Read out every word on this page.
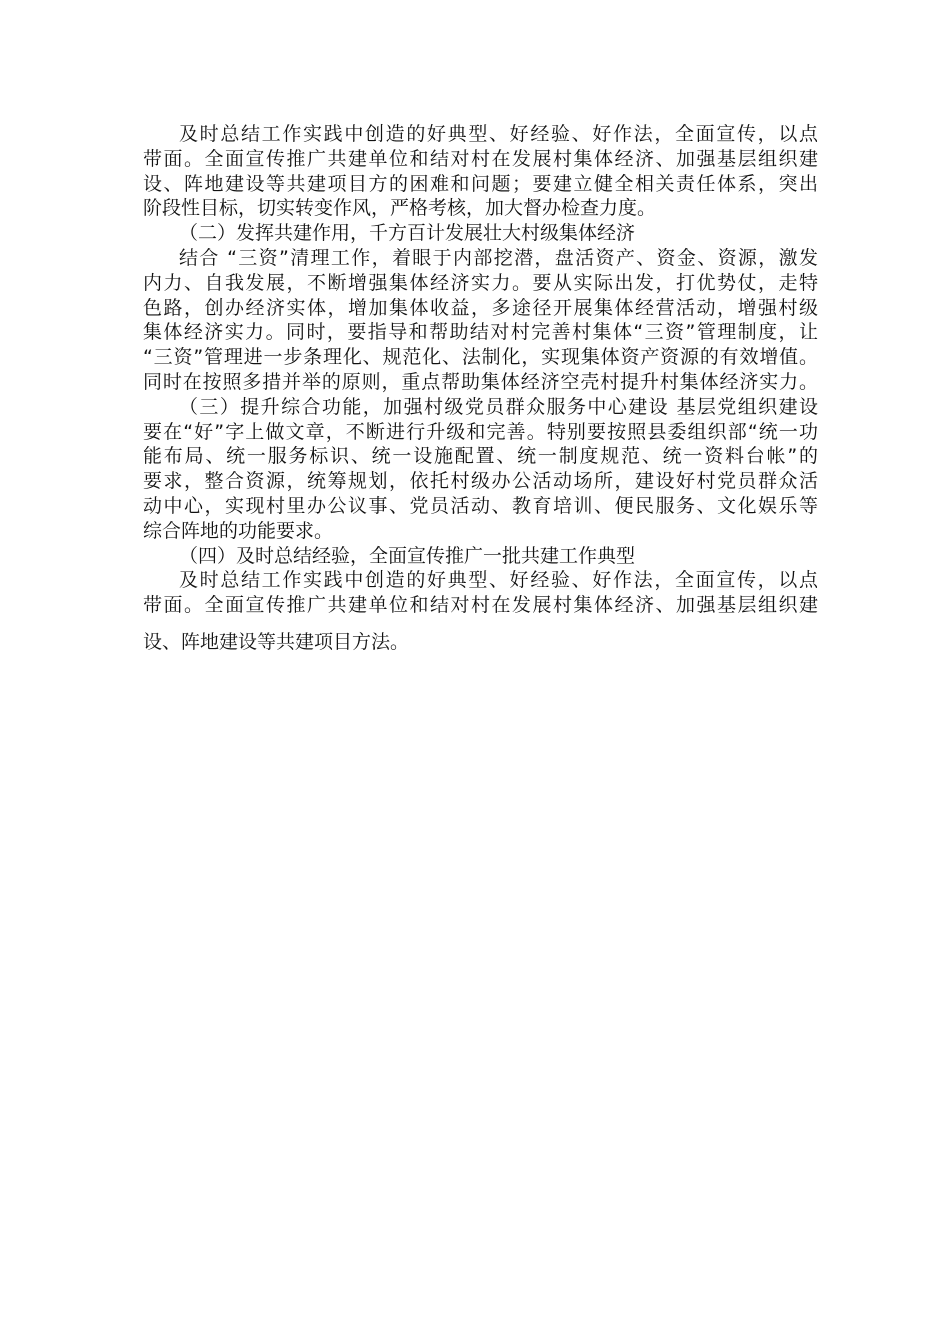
及时总结工作实践中创造的好典型、好经验、好作法，全面宣传，以点
带面。全面宣传推广共建单位和结对村在发展村集体经济、加强基层组织建
设、阵地建设等共建项目方的困难和问题；要建立健全相关责任体系，突出
阶段性目标，切实转变作风，严格考核，加大督办检查力度。
（二）发挥共建作用，千方百计发展壮大村级集体经济
结合 “三资”清理工作，着眼于内部挖潜，盘活资产、资金、资源，激发
内力、自我发展，不断增强集体经济实力。要从实际出发，打优势仗，走特
色路，创办经济实体，增加集体收益，多途径开展集体经营活动，增强村级
集体经济实力。同时，要指导和帮助结对村完善村集体“三资”管理制度，让
“三资”管理进一步条理化、规范化、法制化，实现集体资产资源的有效增值。
同时在按照多措并举的原则，重点帮助集体经济空壳村提升村集体经济实力。
（三）提升综合功能，加强村级党员群众服务中心建设 基层党组织建设
要在“好”字上做文章，不断进行升级和完善。特别要按照县委组织部“统一功
能布局、统一服务标识、统一设施配置、统一制度规范、统一资料台帐”的
要求，整合资源，统筹规划，依托村级办公活动场所，建设好村党员群众活
动中心，实现村里办公议事、党员活动、教育培训、便民服务、文化娱乐等
综合阵地的功能要求。
（四）及时总结经验，全面宣传推广一批共建工作典型
及时总结工作实践中创造的好典型、好经验、好作法，全面宣传，以点
带面。全面宣传推广共建单位和结对村在发展村集体经济、加强基层组织建
设、阵地建设等共建项目方法。
